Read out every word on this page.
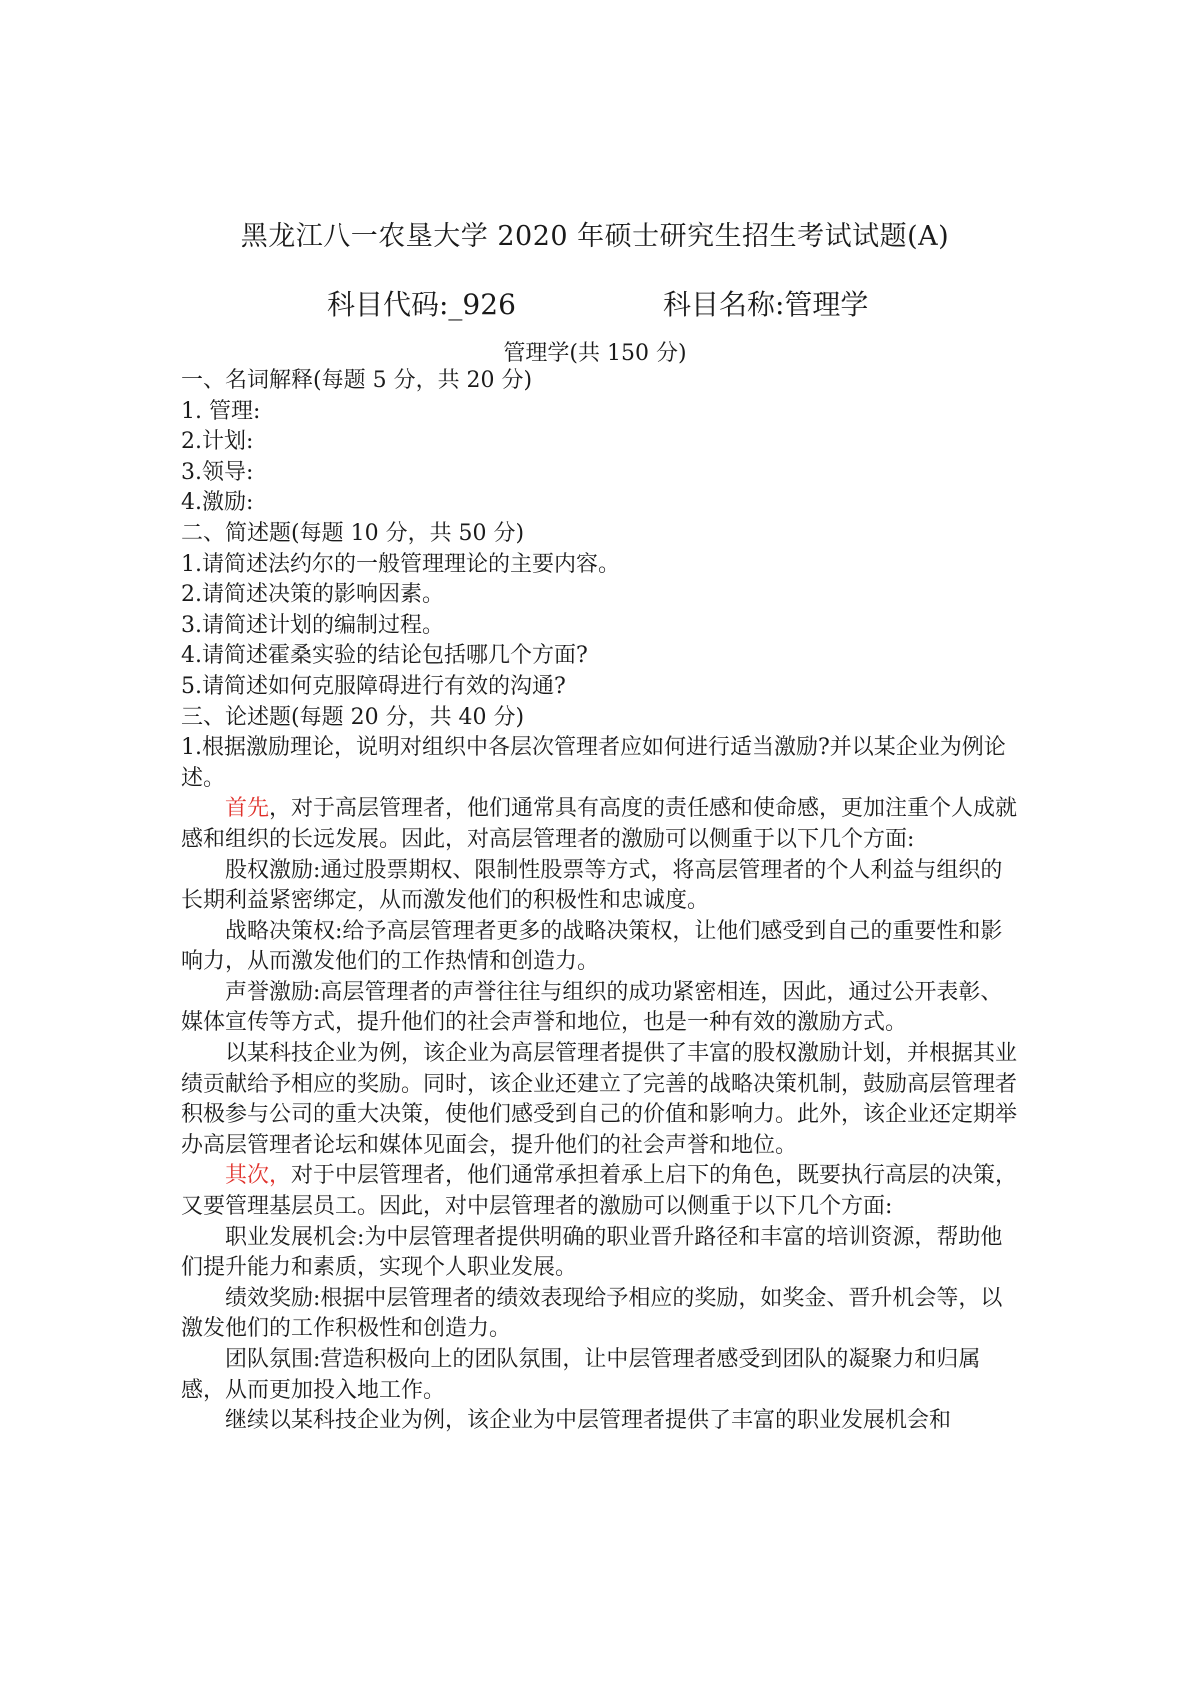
黑龙江八一农垦大学 2020 年硕士研究生招生考试试题(A)
科目代码:_926	科目名称:管理学
管理学(共 150 分)

一、名词解释(每题 5 分，共 20 分)

1. 管理:

2.计划:

3.领导:

4.激励:

二、简述题(每题 10 分，共 50 分)

1.请简述法约尔的一般管理理论的主要内容。

2.请简述决策的影响因素。

3.请简述计划的编制过程。

4.请简述霍桑实验的结论包括哪几个方面?

5.请简述如何克服障碍进行有效的沟通?

三、论述题(每题 20 分，共 40 分)

1.根据激励理论，说明对组织中各层次管理者应如何进行适当激励?并以某企业为例论述。

首先，对于高层管理者，他们通常具有高度的责任感和使命感，更加注重个人成就感和组织的长远发展。因此，对高层管理者的激励可以侧重于以下几个方面:

股权激励:通过股票期权、限制性股票等方式，将高层管理者的个人利益与组织的长期利益紧密绑定，从而激发他们的积极性和忠诚度。

战略决策权:给予高层管理者更多的战略决策权，让他们感受到自己的重要性和影响力，从而激发他们的工作热情和创造力。

声誉激励:高层管理者的声誉往往与组织的成功紧密相连，因此，通过公开表彰、媒体宣传等方式，提升他们的社会声誉和地位，也是一种有效的激励方式。

以某科技企业为例，该企业为高层管理者提供了丰富的股权激励计划，并根据其业绩贡献给予相应的奖励。同时，该企业还建立了完善的战略决策机制，鼓励高层管理者积极参与公司的重大决策，使他们感受到自己的价值和影响力。此外，该企业还定期举办高层管理者论坛和媒体见面会，提升他们的社会声誉和地位。

其次，对于中层管理者，他们通常承担着承上启下的角色，既要执行高层的决策，又要管理基层员工。因此，对中层管理者的激励可以侧重于以下几个方面:

职业发展机会:为中层管理者提供明确的职业晋升路径和丰富的培训资源，帮助他们提升能力和素质，实现个人职业发展。

绩效奖励:根据中层管理者的绩效表现给予相应的奖励，如奖金、晋升机会等，以激发他们的工作积极性和创造力。

团队氛围:营造积极向上的团队氛围，让中层管理者感受到团队的凝聚力和归属感，从而更加投入地工作。

继续以某科技企业为例，该企业为中层管理者提供了丰富的职业发展机会和
